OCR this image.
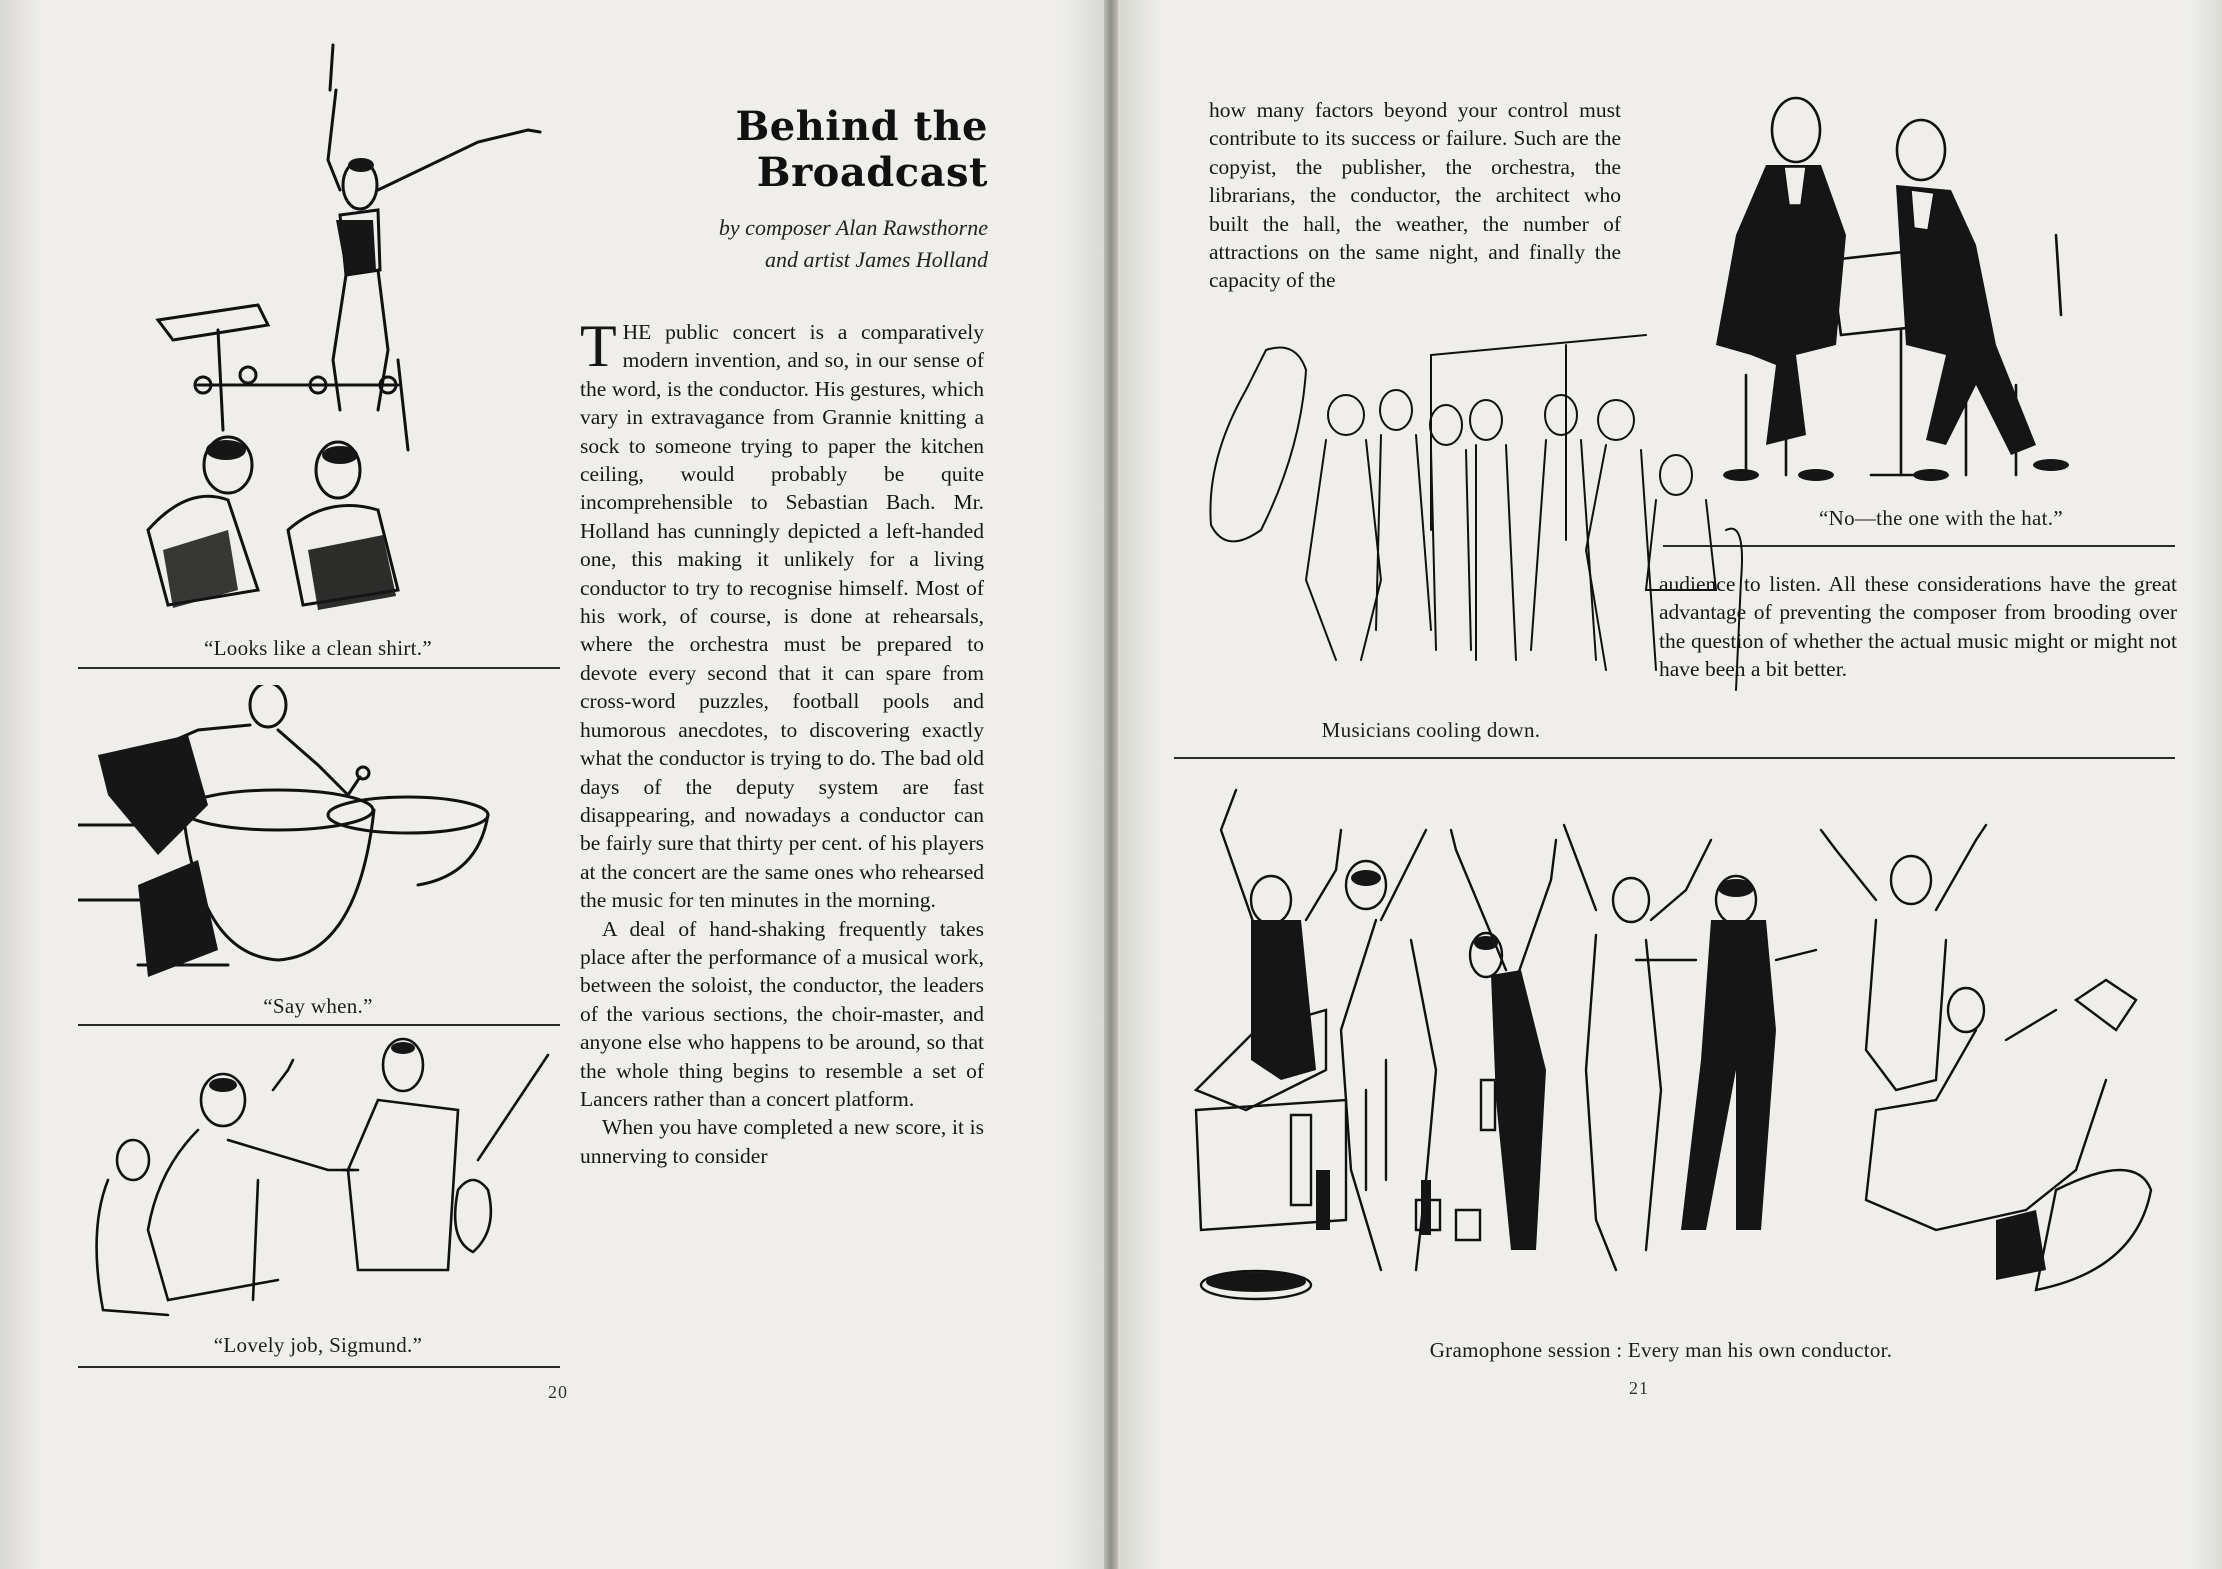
“Looks like a clean shirt.”
“Say when.”
“Lovely job, Sigmund.”
Behind the
Broadcast
by composer Alan Rawsthorne
and artist James Holland

THE public concert is a comparatively modern invention, and so, in our sense of the word, is the conductor. His gestures, which vary in extravagance from Grannie knitting a sock to someone trying to paper the kitchen ceiling, would probably be quite incomprehensible to Sebastian Bach. Mr. Holland has cunningly depicted a left-handed one, this making it unlikely for a living conductor to try to recognise himself. Most of his work, of course, is done at rehearsals, where the orchestra must be prepared to devote every second that it can spare from cross-word puzzles, football pools and humorous anecdotes, to discovering exactly what the conductor is trying to do. The bad old days of the deputy system are fast disappearing, and nowadays a conductor can be fairly sure that thirty per cent. of his players at the concert are the same ones who rehearsed the music for ten minutes in the morning.

A deal of hand-shaking frequently takes place after the performance of a musical work, between the soloist, the conductor, the leaders of the various sections, the choir-master, and anyone else who happens to be around, so that the whole thing begins to resemble a set of Lancers rather than a concert platform.

When you have completed a new score, it is unnerving to consider

20
how many factors beyond your control must contribute to its success or failure. Such are the copyist, the publisher, the orchestra, the librarians, the conductor, the architect who built the hall, the weather, the number of attractions on the same night, and finally the capacity of the
“No—the one with the hat.”
Musicians cooling down.
audience to listen. All these considerations have the great advantage of preventing the composer from brooding over the question of whether the actual music might or might not have been a bit better.
Gramophone session : Every man his own conductor.
21
